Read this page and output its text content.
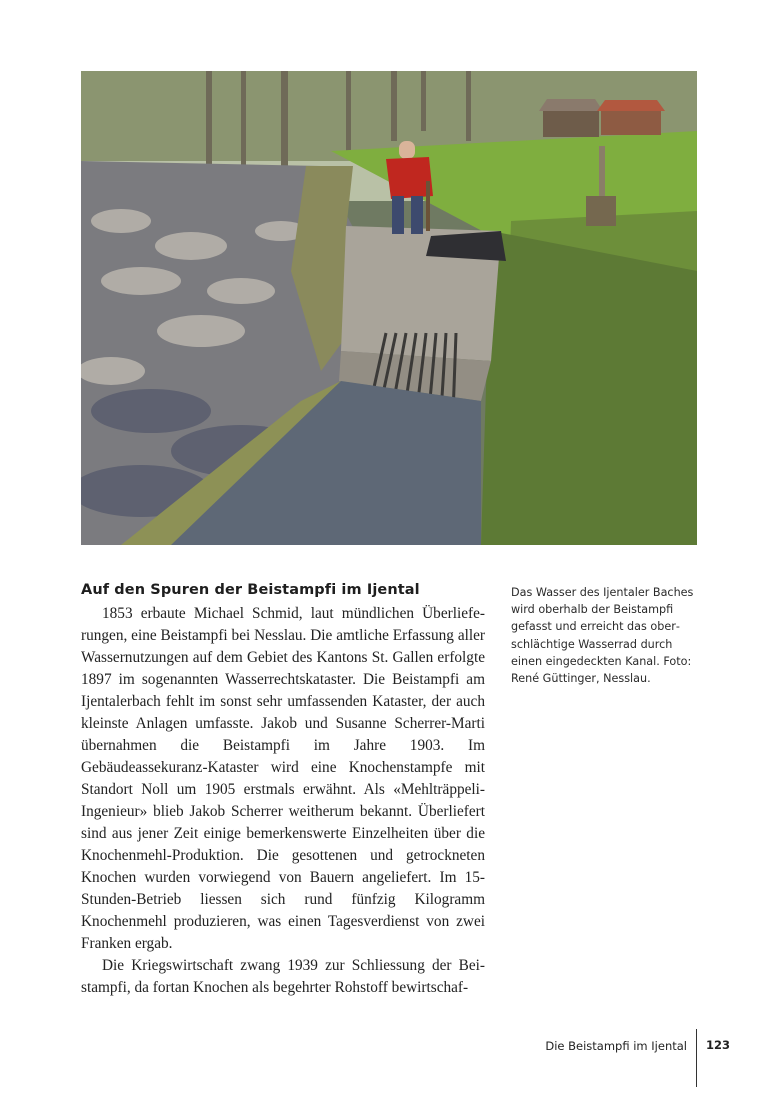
Auf den Spuren der Beistampfi im Ijental

1853 erbaute Michael Schmid, laut mündlichen Überlieferungen, eine Beistampfi bei Nesslau. Die amtliche Erfassung aller Wassernutzungen auf dem Gebiet des Kantons St. Gallen erfolgte 1897 im sogenannten Wasserrechtskataster. Die Beistampfi am Ijentalerbach fehlt im sonst sehr umfassenden Kataster, der auch kleinste Anlagen umfasste. Jakob und Susanne Scherrer-Marti übernahmen die Beistampfi im Jahre 1903. Im Gebäudeassekuranz-Kataster wird eine Knochenstampfe mit Standort Noll um 1905 erstmals erwähnt. Als «Mehlträppeli-Ingenieur» blieb Jakob Scherrer weitherum bekannt. Überliefert sind aus jener Zeit einige bemerkenswerte Einzelheiten über die Knochenmehl-Produktion. Die gesottenen und getrockneten Knochen wurden vorwiegend von Bauern angeliefert. Im 15-Stunden-Betrieb liessen sich rund fünfzig Kilogramm Knochenmehl produzieren, was einen Tagesverdienst von zwei Franken ergab.

Die Kriegswirtschaft zwang 1939 zur Schliessung der Beistampfi, da fortan Knochen als begehrter Rohstoff bewirtschaf-

Das Wasser des Ijentaler Baches wird oberhalb der Beistampfi gefasst und erreicht das oberschlächtige Wasserrad durch einen eingedeckten Kanal. Foto: René Güttinger, Nesslau.
Die Beistampfi im Ijental 123
